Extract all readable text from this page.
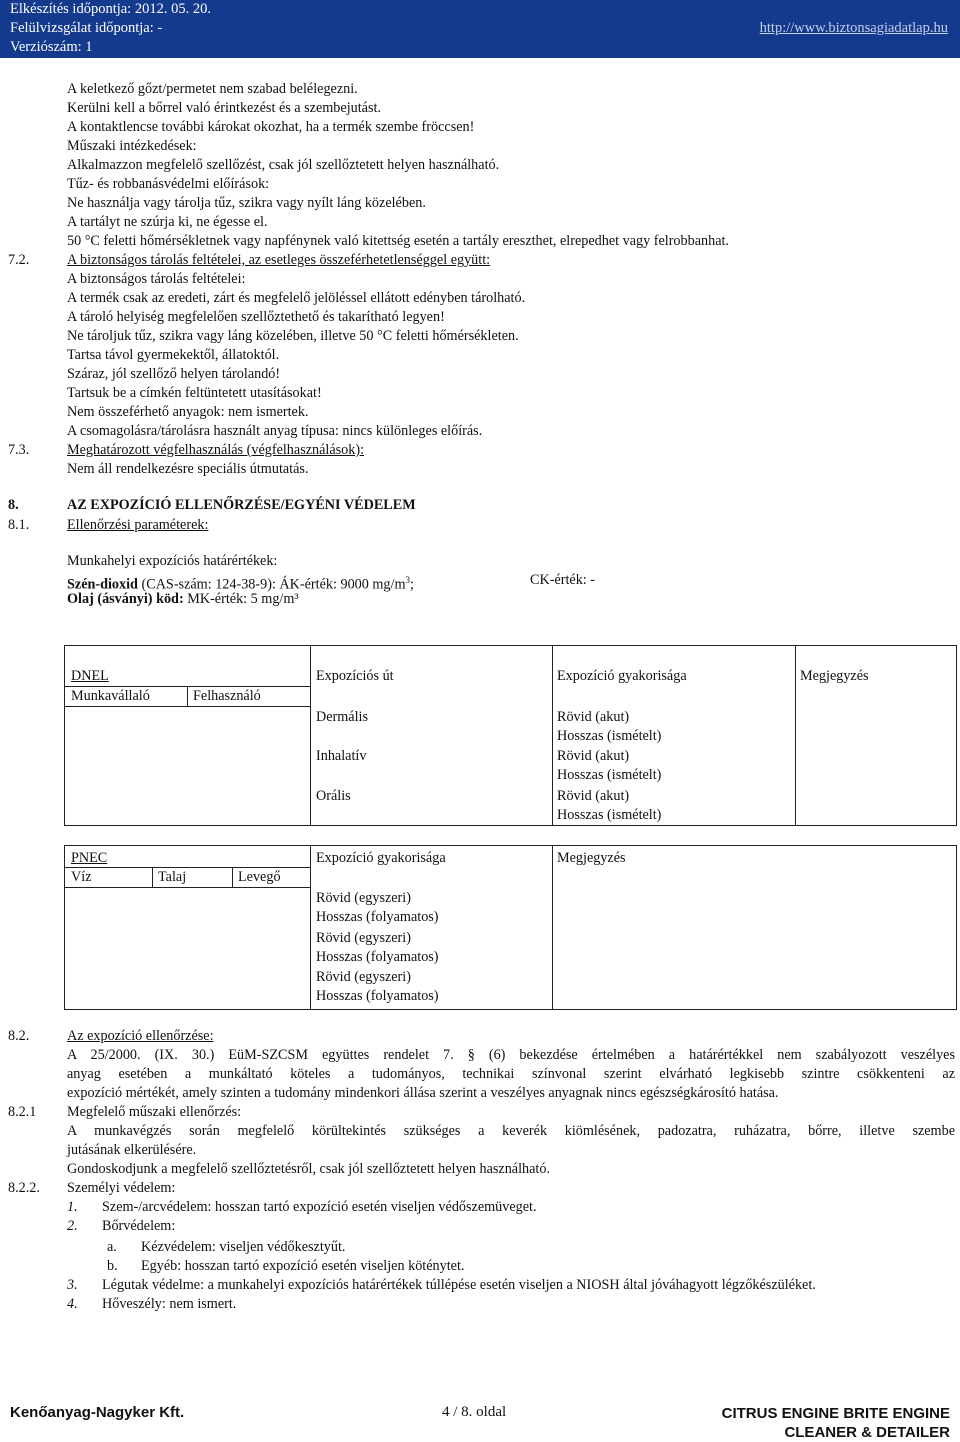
Elkészítés időpontja: 2012. 05. 20.
Felülvizsgálat időpontja: -
Verziószám: 1
http://www.biztonsagiadatlap.hu
A keletkező gőzt/permetet nem szabad belélegezni.
Kerülni kell a bőrrel való érintkezést és a szembejutást.
A kontaktlencse további károkat okozhat, ha a termék szembe fröccsen!
Műszaki intézkedések:
Alkalmazzon megfelelő szellőzést, csak jól szellőztetett helyen használható.
Tűz- és robbanásvédelmi előírások:
Ne használja vagy tárolja tűz, szikra vagy nyílt láng közelében.
A tartályt ne szúrja ki, ne égesse el.
50 °C feletti hőmérsékletnek vagy napfénynek való kitettség esetén a tartály ereszthet, elrepedhet vagy felrobbanhat.
7.2.	A biztonságos tárolás feltételei, az esetleges összeférhetetlenséggel együtt:
A biztonságos tárolás feltételei:
A termék csak az eredeti, zárt és megfelelő jelöléssel ellátott edényben tárolható.
A tároló helyiség megfelelően szellőztethető és takarítható legyen!
Ne tároljuk tűz, szikra vagy láng közelében, illetve 50 °C feletti hőmérsékleten.
Tartsa távol gyermekektől, állatoktól.
Száraz, jól szellőző helyen tárolandó!
Tartsuk be a címkén feltüntetett utasításokat!
Nem összeférhető anyagok: nem ismertek.
A csomagolásra/tárolásra használt anyag típusa: nincs különleges előírás.
7.3.	Meghatározott végfelhasználás (végfelhasználások):
Nem áll rendelkezésre speciális útmutatás.
8.	AZ EXPOZÍCIÓ ELLENŐRZÉSE/EGYÉNI VÉDELEM
8.1.	Ellenőrzési paraméterek:
Munkahelyi expozíciós határértékek:
Szén-dioxid (CAS-szám: 124-38-9): ÁK-érték: 9000 $mg/m^3$;	CK-érték: -
Olaj (ásványi) köd: MK-érték: 5 mg/m³
DNEL	Expozíciós út	Expozíció gyakorisága	Megjegyzés
Munkavállaló	Felhasználó
Dermális	Rövid (akut)
Hosszas (ismételt)
Inhalatív	Rövid (akut)
Hosszas (ismételt)
Orális	Rövid (akut)
Hosszas (ismételt)
PNEC	Expozíció gyakorisága	Megjegyzés
Víz	Talaj	Levegő
Rövid (egyszeri)
Hosszas (folyamatos)
Rövid (egyszeri)
Hosszas (folyamatos)
Rövid (egyszeri)
Hosszas (folyamatos)
8.2.	Az expozíció ellenőrzése:
A 25/2000. (IX. 30.) EüM-SZCSM együttes rendelet 7. § (6) bekezdése értelmében a határértékkel nem szabályozott veszélyes
anyag esetében a munkáltató köteles a tudományos, technikai színvonal szerint elvárható legkisebb szintre csökkenteni az
expozíció mértékét, amely szinten a tudomány mindenkori állása szerint a veszélyes anyagnak nincs egészségkárosító hatása.
8.2.1 Megfelelő műszaki ellenőrzés:
A munkavégzés során megfelelő körültekintés szükséges a keverék kiömlésének, padozatra, ruházatra, bőrre, illetve szembe
jutásának elkerülésére.
Gondoskodjunk a megfelelő szellőztetésről, csak jól szellőztetett helyen használható.
8.2.2. Személyi védelem:
1. Szem-/arcvédelem: hosszan tartó expozíció esetén viseljen védőszemüveget.
2. Bőrvédelem:
a. Kézvédelem: viseljen védőkesztyűt.
b. Egyéb: hosszan tartó expozíció esetén viseljen köténytet.
3. Légutak védelme: a munkahelyi expozíciós határértékek túllépése esetén viseljen a NIOSH által jóváhagyott légzőkészüléket.
4. Hőveszély: nem ismert.
Kenőanyag-Nagyker Kft.	4 / 8. oldal	CITRUS ENGINE BRITE ENGINE
CLEANER & DETAILER
